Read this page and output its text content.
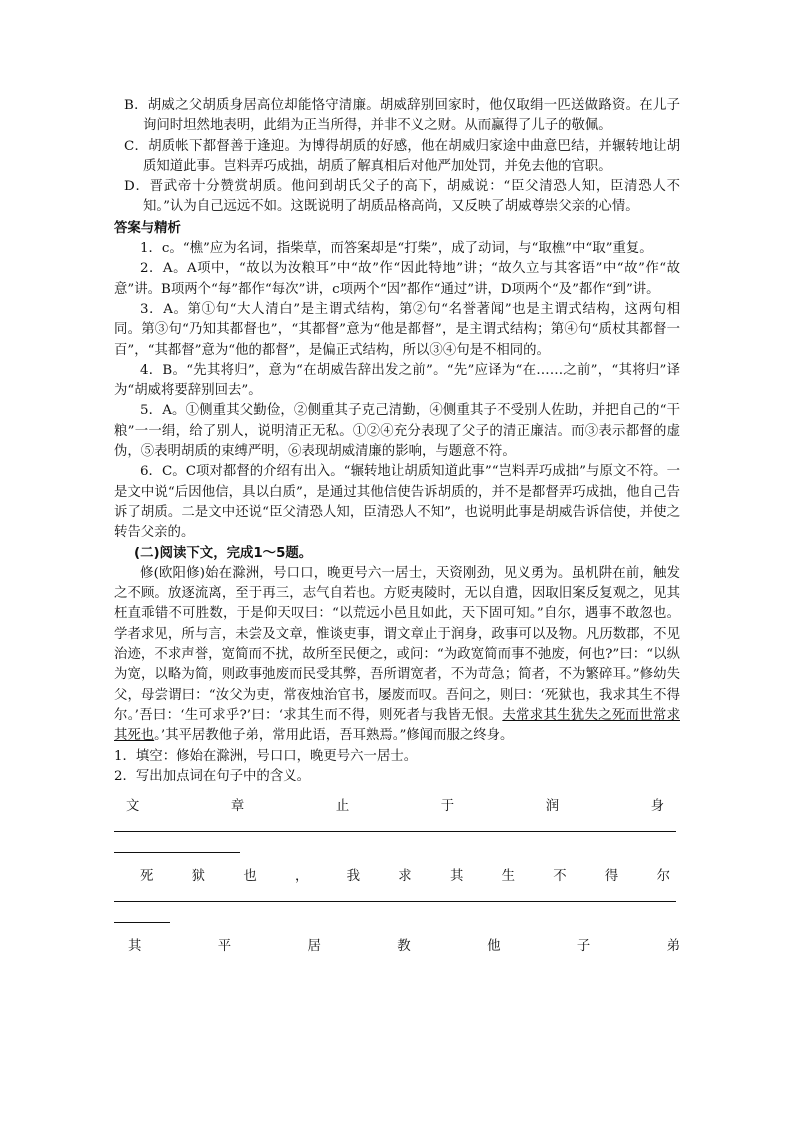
B．胡威之父胡质身居高位却能恪守清廉。胡威辞别回家时，他仅取绢一匹送做路资。在儿子询问时坦然地表明，此绢为正当所得，并非不义之财。从而赢得了儿子的敬佩。

C．胡质帐下都督善于逢迎。为博得胡质的好感，他在胡威归家途中曲意巴结，并辗转地让胡质知道此事。岂料弄巧成拙，胡质了解真相后对他严加处罚，并免去他的官职。

D．晋武帝十分赞赏胡质。他问到胡氏父子的高下，胡威说：“臣父清恐人知，臣清恐人不知。”认为自己远远不如。这既说明了胡质品格高尚，又反映了胡威尊崇父亲的心情。

答案与精析

1．c。“樵”应为名词，指柴草，而答案却是“打柴”，成了动词，与“取樵”中“取”重复。

2．A。A项中，“故以为汝粮耳”中“故”作“因此特地”讲；“故久立与其客语”中“故”作“故意”讲。B项两个“每”都作“每次”讲，c项两个“因”都作“通过”讲，D项两个“及”都作“到”讲。

3．A。第①句“大人清白”是主谓式结构，第②句“名誉著闻”也是主谓式结构，这两句相同。第③句“乃知其都督也”，“其都督”意为“他是都督”，是主谓式结构；第④句“质杖其都督一百”，“其都督”意为“他的都督”，是偏正式结构，所以③④句是不相同的。

4．B。“先其将归”，意为“在胡威告辞出发之前”。“先”应译为“在……之前”，“其将归”译为“胡威将要辞别回去”。

5．A。①侧重其父勤俭，②侧重其子克己清勤，④侧重其子不受别人佐助，并把自己的“干粮”一一绢，给了别人，说明清正无私。①②④充分表现了父子的清正廉洁。而③表示都督的虚伪，⑤表明胡质的束缚严明，⑥表现胡威清廉的影响，与题意不符。

6．C。C项对都督的介绍有出入。“辗转地让胡质知道此事”“岂料弄巧成拙”与原文不符。一是文中说“后因他信，具以白质”，是通过其他信使告诉胡质的，并不是都督弄巧成拙，他自己告诉了胡质。二是文中还说“臣父清恐人知，臣清恐人不知”，也说明此事是胡威告诉信使，并使之转告父亲的。

(二)阅读下文，完成1～5题。

修(欧阳修)始在滁洲，号口口，晚更号六一居士，天资刚劲，见义勇为。虽机阱在前，触发之不顾。放逐流离，至于再三，志气自若也。方贬夷陵时，无以自遣，因取旧案反复观之，见其枉直乖错不可胜数，于是仰天叹曰：“以荒远小邑且如此，天下固可知。”自尔，遇事不敢忽也。学者求见，所与言，未尝及文章，惟谈吏事，谓文章止于润身，政事可以及物。凡历数郡，不见治迹，不求声誉，宽简而不扰，故所至民便之，或问：“为政宽简而事不弛废，何也?”曰：“以纵为宽，以略为简，则政事弛废而民受其弊，吾所谓宽者，不为苛急；简者，不为繁碎耳。”修幼失父，母尝谓曰：“汝父为吏，常夜烛治官书，屡废而叹。吾问之，则曰：‘死狱也，我求其生不得尔。’吾曰：‘生可求乎?’曰：‘求其生而不得，则死者与我皆无恨。夫常求其生犹失之死而世常求其死也。’其平居教他子弟，常用此语，吾耳熟焉。”修闻而服之终身。

1．填空：修始在滁洲，号口口，晚更号六一居士。

2．写出加点词在句子中的含义。

文	章	止	于	润	身
死	狱	也	，	我	求	其	生	不	得	尔
其	平	居	教	他	子	弟
